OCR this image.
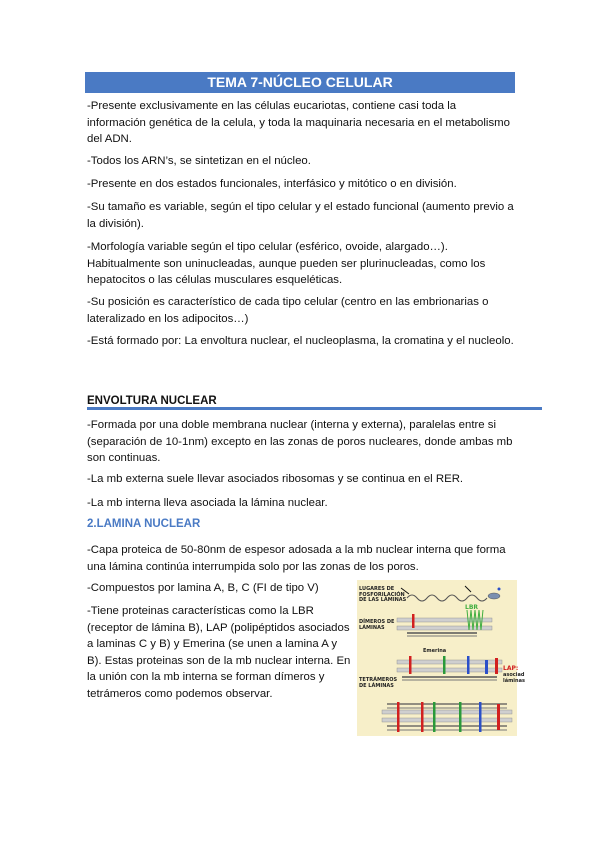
TEMA 7-NÚCLEO CELULAR

-Presente exclusivamente en las células eucariotas, contiene casi toda la información genética de la celula, y toda la maquinaria necesaria en el metabolismo del ADN.

-Todos los ARN’s, se sintetizan en el núcleo.

-Presente en dos estados funcionales, interfásico y mitótico o en división.

-Su tamaño es variable, según el tipo celular y el estado funcional (aumento previo a la división).

-Morfología variable según el tipo celular (esférico, ovoide, alargado…). Habitualmente son uninucleadas, aunque pueden ser plurinucleadas, como los hepatocitos o las células musculares esqueléticas.

-Su posición es característico de cada tipo celular (centro en las embrionarias o lateralizado en los adipocitos…)

-Está formado por: La envoltura nuclear, el nucleoplasma, la cromatina y el nucleolo.

ENVOLTURA NUCLEAR

-Formada por una doble membrana nuclear (interna y externa), paralelas entre si (separación de 10-1nm) excepto en las zonas de poros nucleares, donde ambas mb son continuas.

-La mb externa suele llevar asociados ribosomas y se continua en el RER.

-La mb interna lleva asociada la lámina nuclear.

2.LAMINA NUCLEAR

-Capa proteica de 50-80nm de espesor adosada a la mb nuclear interna que forma una lámina continúa interrumpida solo por las zonas de los poros.

-Compuestos por lamina A, B, C (FI de tipo V)

-Tiene proteinas características como la LBR (receptor de lámina B), LAP (polipéptidos asociados a laminas C y B) y Emerina (se unen a lamina A y B). Estas proteinas son de la mb nuclear interna. En la unión con la mb interna se forman dímeros y tetrámeros como podemos observar.

LUGARES DE FOSFORILACIÓN DE LAS LÁMINAS
DÍMEROS DE LÁMINAS
LBR
Emerina
LAP:
asociad láminas
TETRÁMEROS DE LÁMINAS
